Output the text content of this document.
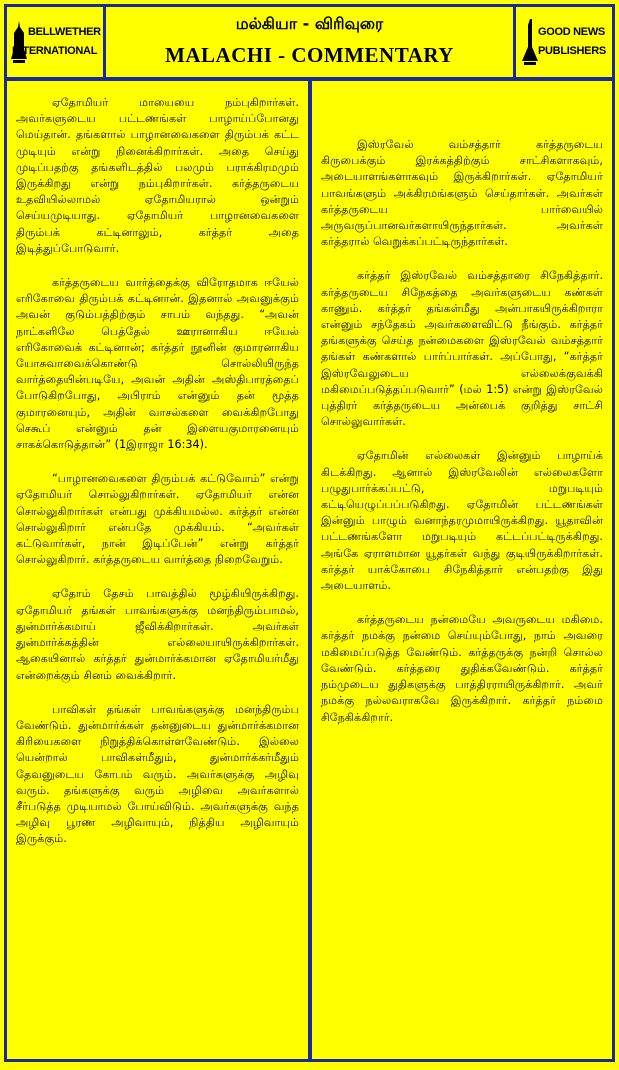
BELLWETHER
INTERNATIONAL
மல்கியா - விரிவுரை
MALACHI - COMMENTARY
GOOD NEWS
PUBLISHERS

ஏதோமியர் மாயையை நம்புகிறார்கள். அவர்களுடைய பட்டணங்கள் பாழாய்ப்போனது மெய்தான். தங்களால் பாழானவைகளை திரும்பக் கட்ட முடியும் என்று நினைக்கிறார்கள். அதை செய்து முடிப்பதற்கு தங்களிடத்தில் பலமும் பராக்கிரமமும் இருக்கிறது என்று நம்புகிறார்கள். கர்த்தருடைய உதவியில்லாமல் ஏதோமியரால் ஒன்றும் செய்யமுடியாது. ஏதோமியர் பாழானவைகளை திரும்பக் கட்டினாலும், கர்த்தர் அதை இடித்துப்போடுவார்.

கர்த்தருடைய வார்த்தைக்கு விரோதமாக ஈயேல் எரிகோவை திரும்பக் கட்டினான். இதனால் அவனுக்கும் அவன் குடும்பத்திற்கும் சாபம் வந்தது. “அவன் நாட்களிலே பெத்தேல் ஊரானாகிய ஈயேல் எரிகோவைக் கட்டினான்; கர்த்தர் நூனின் குமாரனாகிய யோசுவாவைக்கொண்டு சொல்லியிருந்த வார்த்தையின்படியே, அவன் அதின் அஸ்திபாரத்தைப் போடுகிறபோது, அபிராம் என்னும் தன் மூத்த குமாரனையும், அதின் வாசல்களை வைக்கிறபோது செகூப் என்னும் தன் இளையகுமாரனையும் சாகக்கொடுத்தான்” (1இராஜா 16:34).

“பாழானவைகளை திரும்பக் கட்டுவோம்” என்று ஏதோமியர் சொல்லுகிறார்கள். ஏதோமியர் என்ன சொல்லுகிறார்கள் என்பது முக்கியமல்ல. கர்த்தர் என்ன சொல்லுகிறார் என்பதே முக்கியம். “அவர்கள் கட்டுவார்கள், நான் இடிப்பேன்” என்று கர்த்தர் சொல்லுகிறார். கர்த்தருடைய வார்த்தை நிறைவேறும்.

ஏதோம் தேசம் பாவத்தில் மூழ்கியிருக்கிறது. ஏதோமியர் தங்கள் பாவங்களுக்கு மனந்திரும்பாமல், துன்மார்க்கமாய் ஜீவிக்கிறார்கள். அவர்கள் துன்மார்க்கத்தின் எல்லையாயிருக்கிறார்கள். ஆகையினால் கர்த்தர் துன்மார்க்கமான ஏதோமியர்மீது என்றைக்கும் சினம் வைக்கிறார்.

பாவிகள் தங்கள் பாவங்களுக்கு மனந்திரும்ப வேண்டும். துன்மார்க்கள் தன்னுடைய துன்மார்க்கமான கிரியைகளை நிறுத்திக்கொள்ளவேண்டும். இல்லை யென்றால் பாவிகள்மீதும், துன்மார்க்கர்மீதும் தேவனுடைய கோபம் வரும். அவர்களுக்கு அழிவு வரும். தங்களுக்கு வரும் அழிவை அவர்களால் சீர்படுத்த முடியாமல் போய்விடும். அவர்களுக்கு வந்த அழிவு பூரண அழிவாயும், நித்திய அழிவாயும் இருக்கும்.

இஸ்ரவேல் வம்சத்தார் கர்த்தருடைய கிருபைக்கும் இரக்கத்திற்கும் சாட்சிகளாகவும், அடையாளங்களாகவும் இருக்கிறார்கள். ஏதோமியர் பாவங்களும் அக்கிரமங்களும் செய்தார்கள். அவர்கள் கர்த்தருடைய பார்வையில் அருவருப்பானவர்களாயிருந்தார்கள். அவர்கள் கர்த்தரால் வெறுக்கப்பட்டிருந்தார்கள்.

கர்த்தர் இஸ்ரவேல் வம்சத்தாரை சிநேகித்தார். கர்த்தருடைய சிநேகத்தை அவர்களுடைய கண்கள் காணும். கர்த்தர் தங்கள்மீது அன்பாகயிருக்கிறாரா என்னும் சந்தேகம் அவர்களைவிட்டு நீங்கும். கர்த்தர் தங்களுக்கு செய்த நன்மைகளை இஸ்ரவேல் வம்சத்தார் தங்கள் கண்களால் பார்ப்பார்கள். அப்போது, “கர்த்தர் இஸ்ரவேலுடைய எல்லைக்குவக்கி மகிமைப்படுத்தப்படுவார்” (மல் 1:5) என்று இஸ்ரவேல் புத்திரர் கர்த்தருடைய அன்பைக் குறித்து சாட்சி சொல்லுவார்கள்.

ஏதோமின் எல்லைகள் இன்னும் பாழாய்க் கிடக்கிறது. ஆனால் இஸ்ரவேலின் எல்லைகளோ பழுதுபார்க்கப்பட்டு, மறுபடியும் கட்டியெழுப்பப்படுகிறது. ஏதோமின் பட்டணங்கள் இன்னும் பாழும் வனாந்தரமுமாயிருக்கிறது. யூதாவின் பட்டணங்களோ மறுபடியும் கட்டப்பட்டிருக்கிறது. அங்கே ஏராளமான யூதர்கள் வந்து குடியிருக்கிறார்கள். கர்த்தர் யாக்கோபை சிநேகித்தார் என்பதற்கு இது அடையாளம்.

கர்த்தருடைய நன்மையே அவருடைய மகிமை. கர்த்தர் நமக்கு நன்மை செய்யும்போது, நாம் அவரை மகிமைப்படுத்த வேண்டும். கர்த்தருக்கு நன்றி சொல்ல வேண்டும். கர்த்தரை துதிக்கவேண்டும். கர்த்தர் நம்முடைய துதிகளுக்கு பாத்திரராயிருக்கிறார். அவர் நமக்கு நல்லவராகவே இருக்கிறார். கர்த்தர் நம்மை சிநேகிக்கிறார்.
